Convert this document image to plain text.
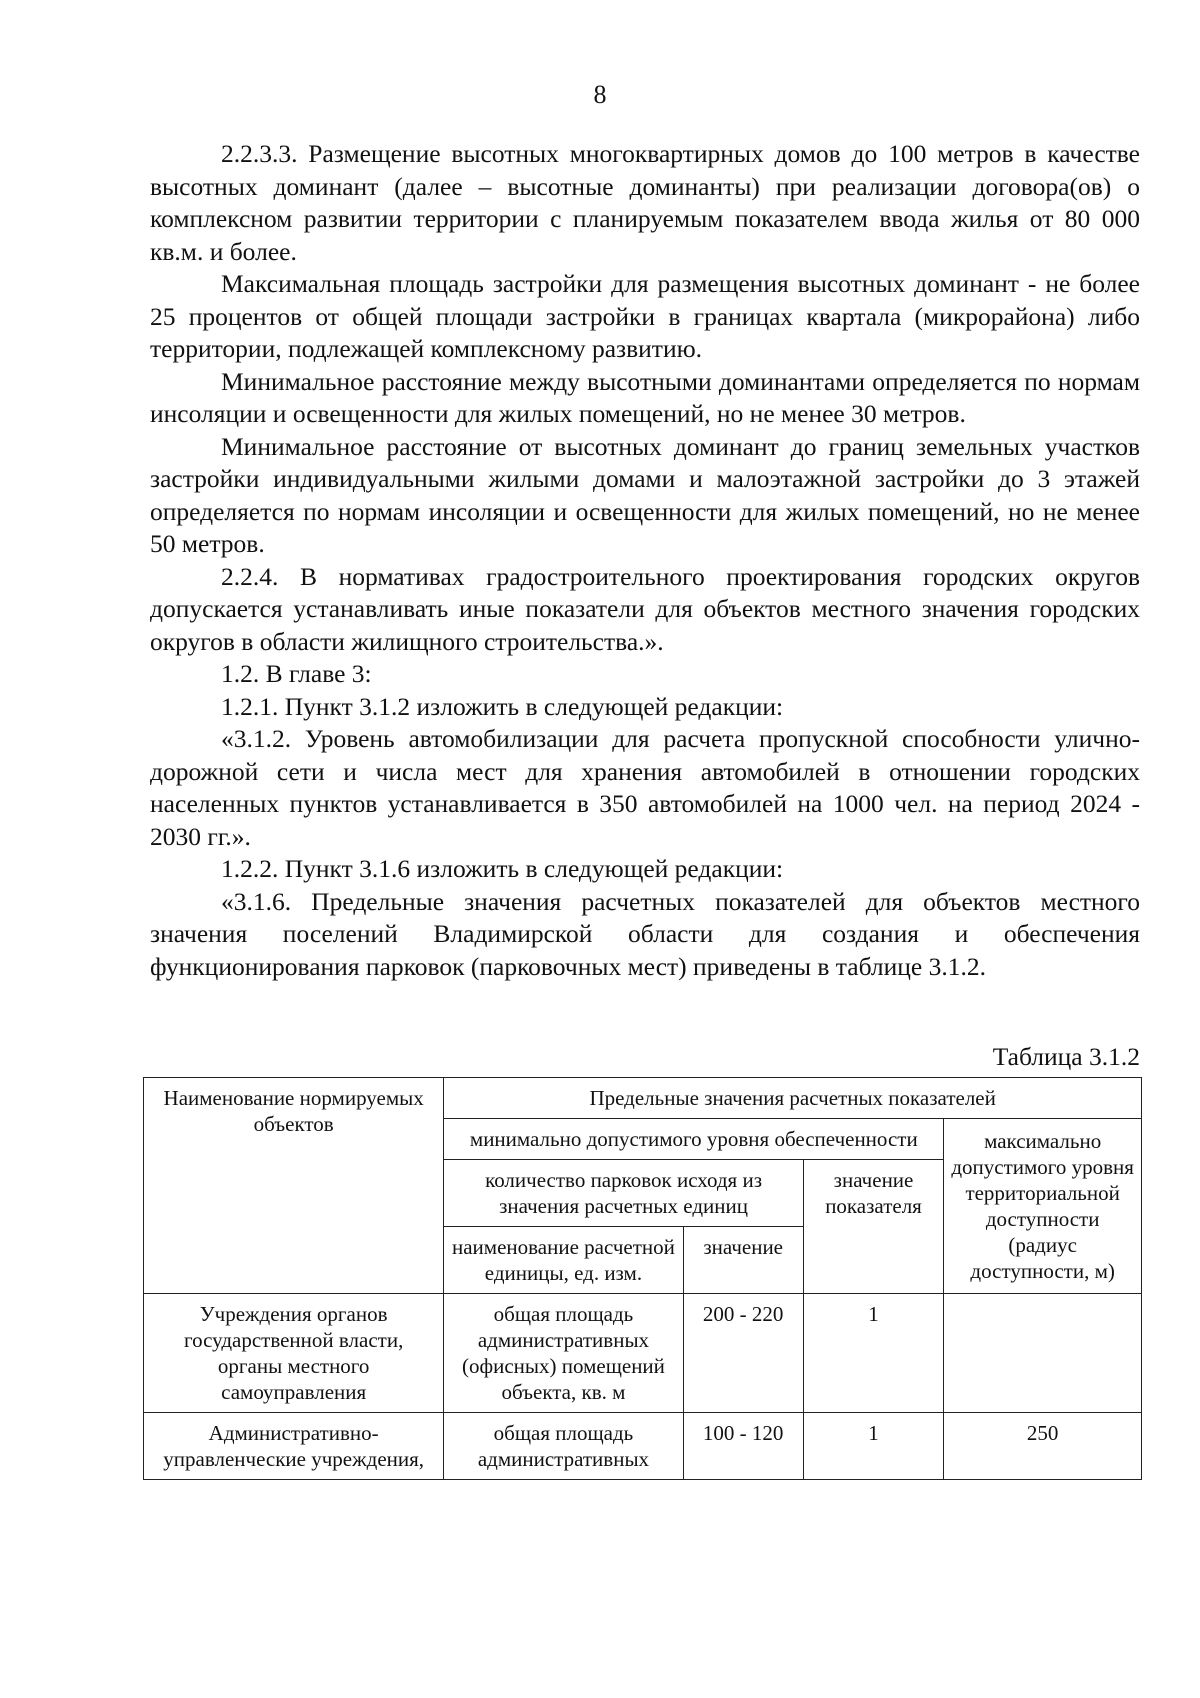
8

2.2.3.3. Размещение высотных многоквартирных домов до 100 метров в качестве высотных доминант (далее – высотные доминанты) при реализации договора(ов) о комплексном развитии территории с планируемым показателем ввода жилья от 80 000 кв.м. и более.

Максимальная площадь застройки для размещения высотных доминант - не более 25 процентов от общей площади застройки в границах квартала (микрорайона) либо территории, подлежащей комплексному развитию.

Минимальное расстояние между высотными доминантами определяется по нормам инсоляции и освещенности для жилых помещений, но не менее 30 метров.

Минимальное расстояние от высотных доминант до границ земельных участков застройки индивидуальными жилыми домами и малоэтажной застройки до 3 этажей определяется по нормам инсоляции и освещенности для жилых помещений, но не менее 50 метров.

2.2.4. В нормативах градостроительного проектирования городских округов допускается устанавливать иные показатели для объектов местного значения городских округов в области жилищного строительства.».

1.2. В главе 3:

1.2.1. Пункт 3.1.2 изложить в следующей редакции:

«3.1.2. Уровень автомобилизации для расчета пропускной способности улично-дорожной сети и числа мест для хранения автомобилей в отношении городских населенных пунктов устанавливается в 350 автомобилей на 1000 чел. на период 2024 - 2030 гг.».

1.2.2. Пункт 3.1.6 изложить в следующей редакции:

«3.1.6. Предельные значения расчетных показателей для объектов местного значения поселений Владимирской области для создания и обеспечения функционирования парковок (парковочных мест) приведены в таблице 3.1.2.

Таблица 3.1.2
Наименование нормируемых объектов	Предельные значения расчетных показателей			
	минимально допустимого уровня обеспеченности			максимально допустимого уровня территориальной доступности (радиус доступности, м)
	количество парковок исходя из значения расчетных единиц		значение показателя	
	наименование расчетной единицы, ед. изм.	значение		
Учреждения органов государственной власти, органы местного самоуправления	общая площадь административных (офисных) помещений объекта, кв. м	200 - 220	1	
Административно-управленческие учреждения,	общая площадь административных	100 - 120	1	250
